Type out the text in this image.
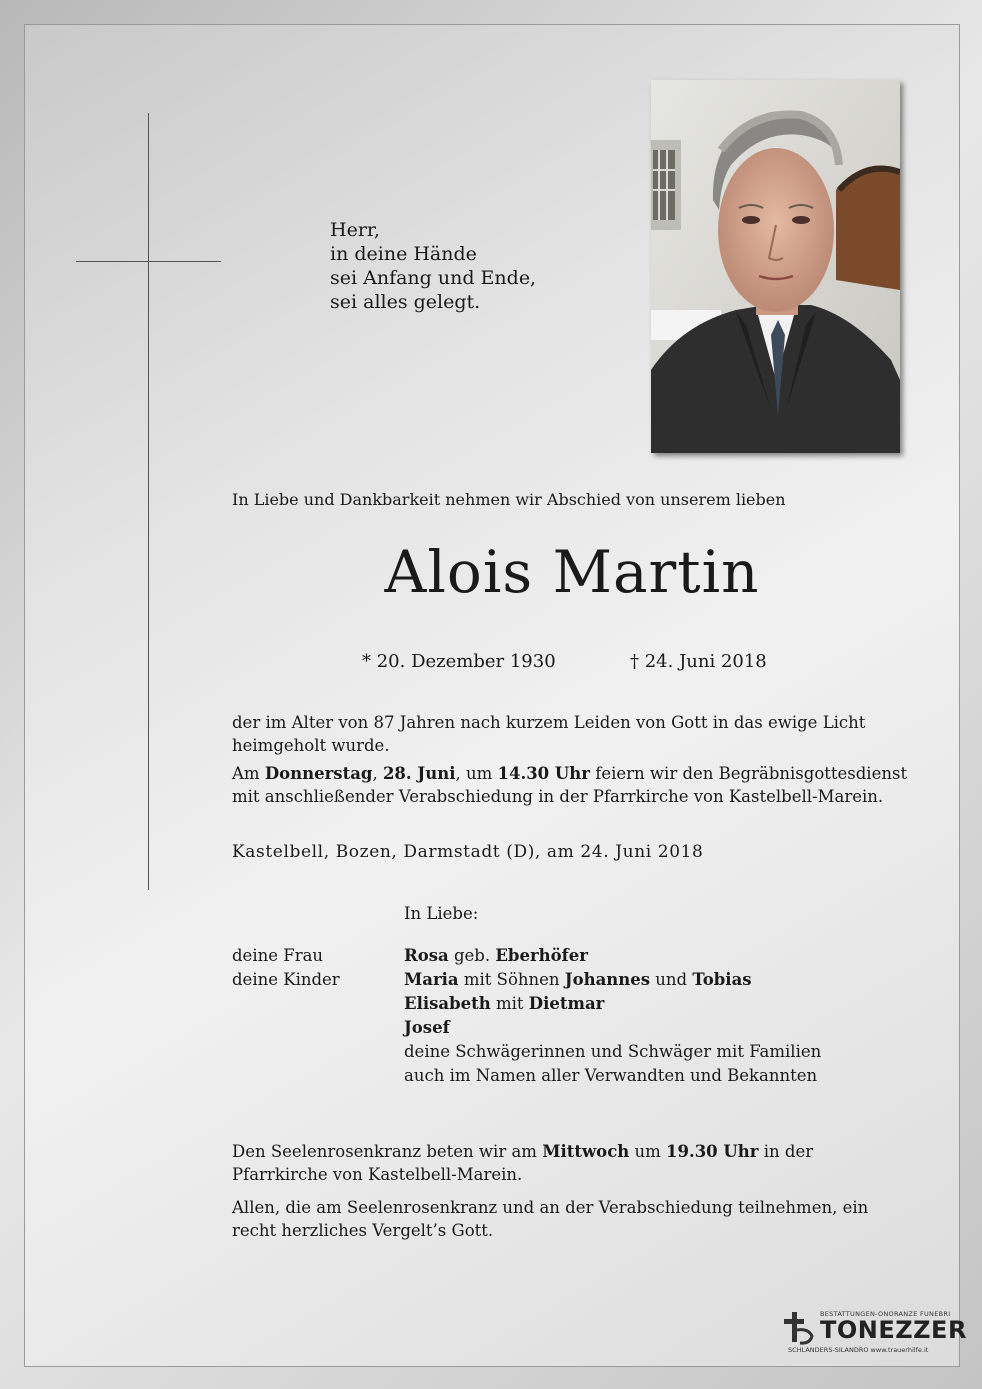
Herr,
in deine Hände
sei Anfang und Ende,
sei alles gelegt.
In Liebe und Dankbarkeit nehmen wir Abschied von unserem lieben
Alois Martin
* 20. Dezember 1930	† 24. Juni 2018
der im Alter von 87 Jahren nach kurzem Leiden von Gott in das ewige Licht heimgeholt wurde.
Am Donnerstag, 28. Juni, um 14.30 Uhr feiern wir den Begräbnisgottesdienst mit anschließender Verabschiedung in der Pfarrkirche von Kastelbell-Marein.
Kastelbell, Bozen, Darmstadt (D), am 24. Juni 2018
In Liebe:
deine Frau
deine Kinder
Rosa geb. Eberhöfer
Maria mit Söhnen Johannes und Tobias
Elisabeth mit Dietmar
Josef
deine Schwägerinnen und Schwäger mit Familien
auch im Namen aller Verwandten und Bekannten
Den Seelenrosenkranz beten wir am Mittwoch um 19.30 Uhr in der Pfarrkirche von Kastelbell-Marein.
Allen, die am Seelenrosenkranz und an der Verabschiedung teilnehmen, ein recht herzliches Vergelt’s Gott.
BESTATTUNGEN-ONORANZE FUNEBRI
TONEZZER
SCHLANDERS-SILANDRO www.trauerhilfe.it
